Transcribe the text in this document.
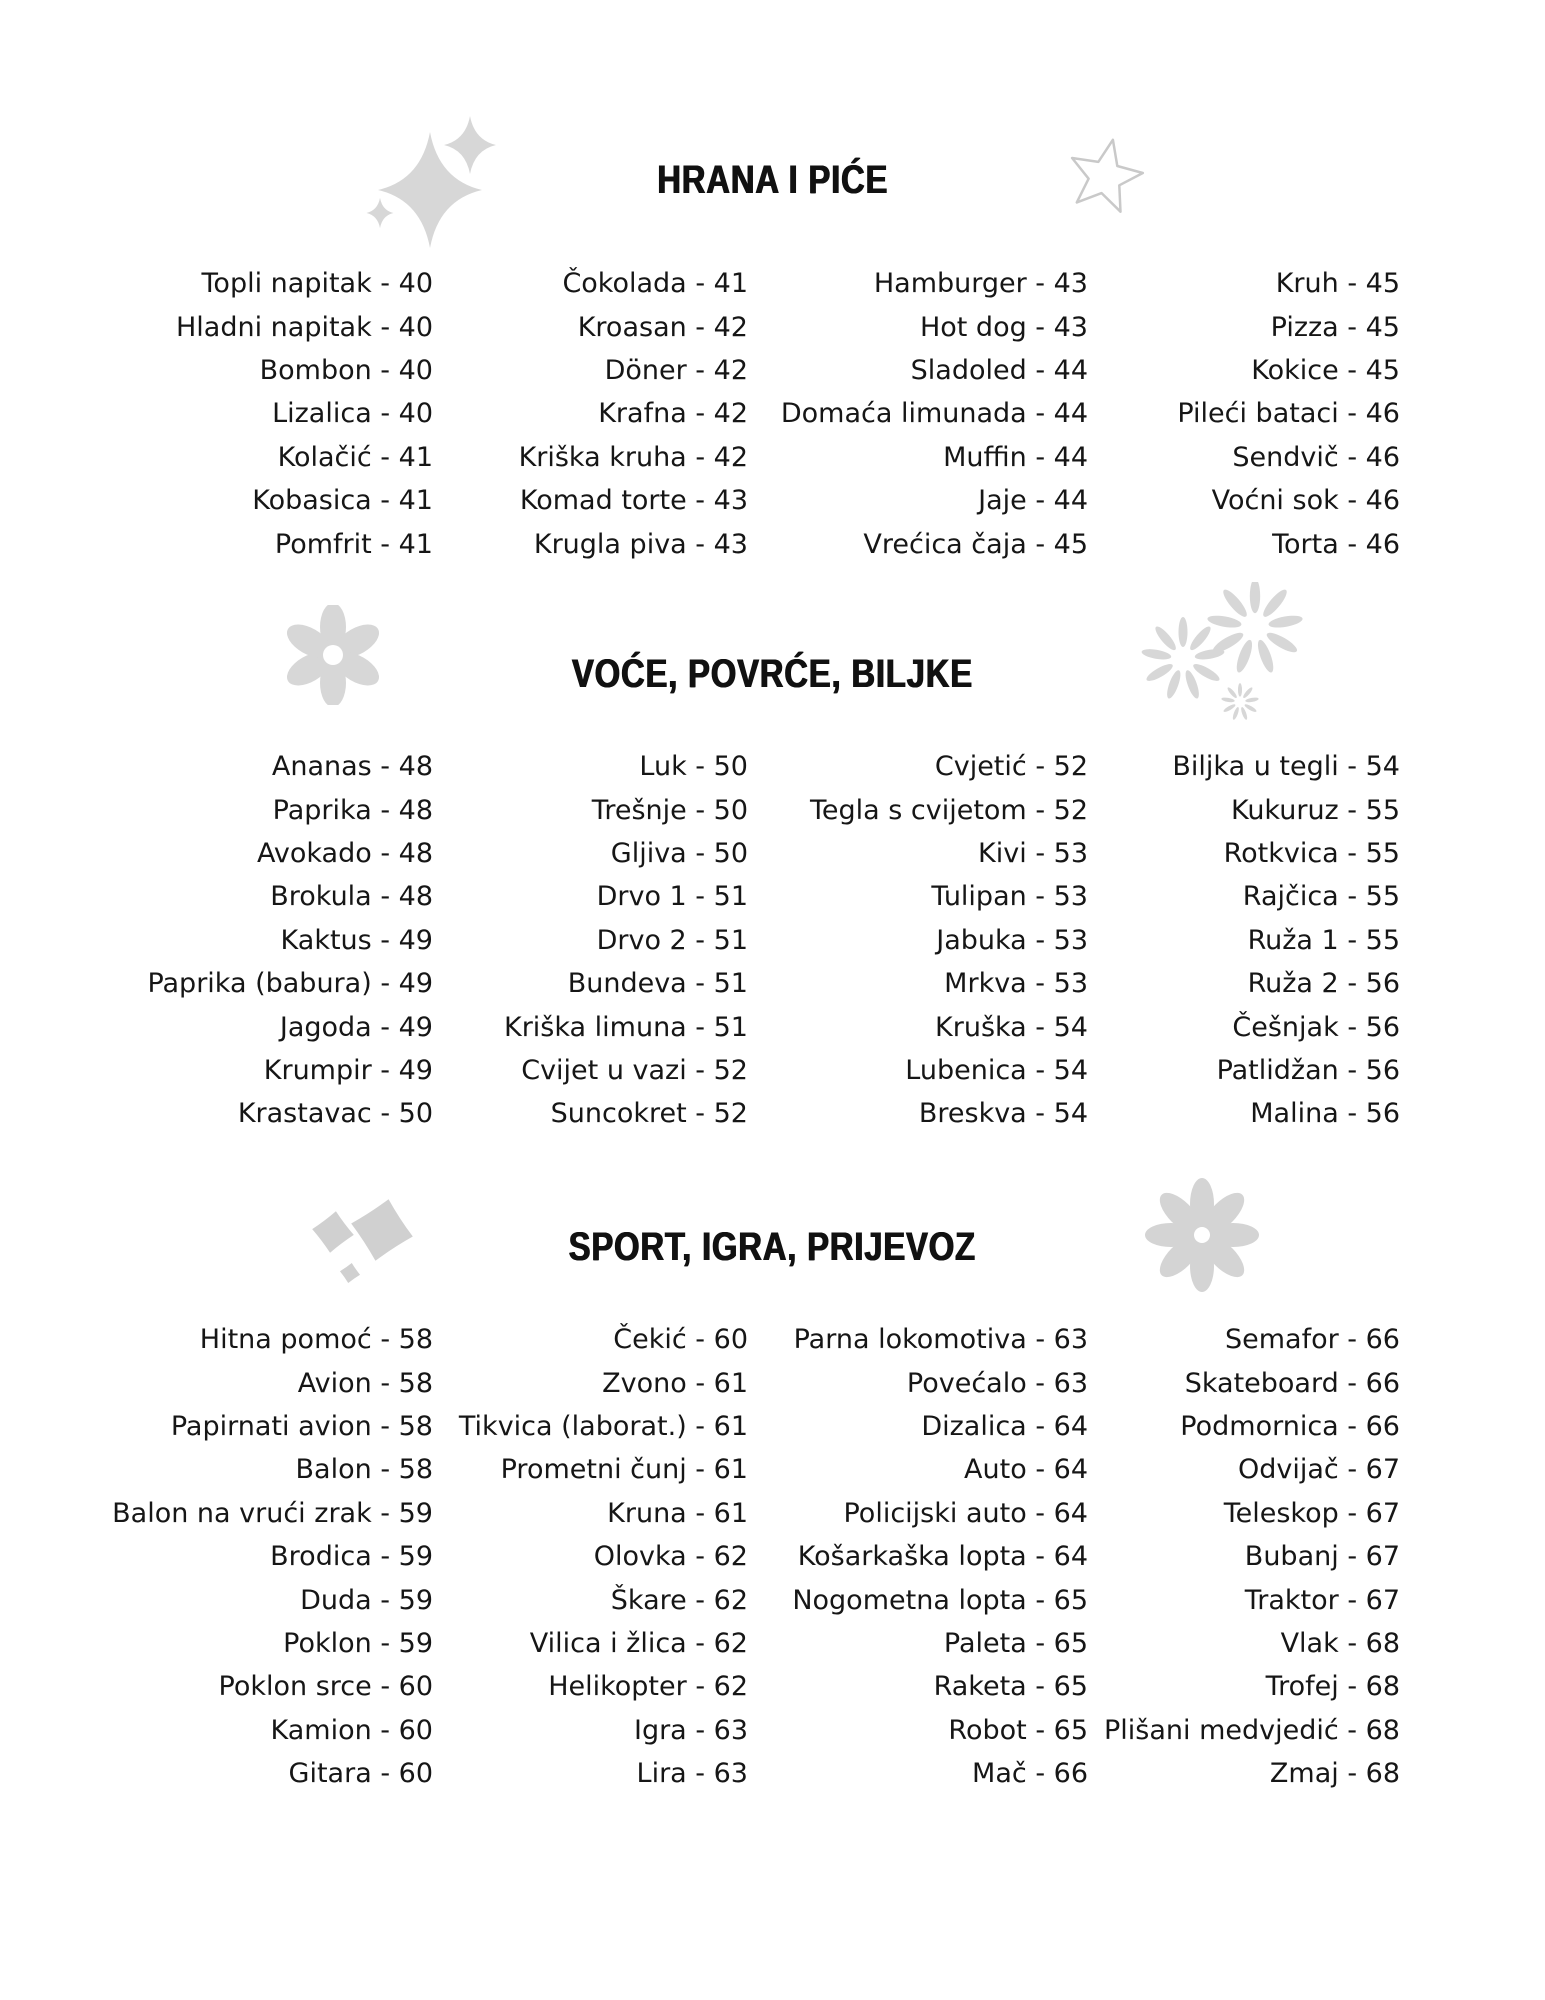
HRANA I PIĆE
Topli napitak - 40
Hladni napitak - 40
Bombon - 40
Lizalica - 40
Kolačić - 41
Kobasica - 41
Pomfrit - 41
Čokolada - 41
Kroasan - 42
Döner - 42
Krafna - 42
Kriška kruha - 42
Komad torte - 43
Krugla piva - 43
Hamburger - 43
Hot dog - 43
Sladoled - 44
Domaća limunada - 44
Muffin - 44
Jaje - 44
Vrećica čaja - 45
Kruh - 45
Pizza - 45
Kokice - 45
Pileći bataci - 46
Sendvič - 46
Voćni sok - 46
Torta - 46
VOĆE, POVRĆE, BILJKE
Ananas - 48
Paprika - 48
Avokado - 48
Brokula - 48
Kaktus - 49
Paprika (babura) - 49
Jagoda - 49
Krumpir - 49
Krastavac - 50
Luk - 50
Trešnje - 50
Gljiva - 50
Drvo 1 - 51
Drvo 2 - 51
Bundeva - 51
Kriška limuna - 51
Cvijet u vazi - 52
Suncokret - 52
Cvjetić - 52
Tegla s cvijetom - 52
Kivi - 53
Tulipan - 53
Jabuka - 53
Mrkva - 53
Kruška - 54
Lubenica - 54
Breskva - 54
Biljka u tegli - 54
Kukuruz - 55
Rotkvica - 55
Rajčica - 55
Ruža 1 - 55
Ruža 2 - 56
Češnjak - 56
Patlidžan - 56
Malina - 56
SPORT, IGRA, PRIJEVOZ
Hitna pomoć - 58
Avion - 58
Papirnati avion - 58
Balon - 58
Balon na vrući zrak - 59
Brodica - 59
Duda - 59
Poklon - 59
Poklon srce - 60
Kamion - 60
Gitara - 60
Čekić - 60
Zvono - 61
Tikvica (laborat.) - 61
Prometni čunj - 61
Kruna - 61
Olovka - 62
Škare - 62
Vilica i žlica - 62
Helikopter - 62
Igra - 63
Lira - 63
Parna lokomotiva - 63
Povećalo - 63
Dizalica - 64
Auto - 64
Policijski auto - 64
Košarkaška lopta - 64
Nogometna lopta - 65
Paleta - 65
Raketa - 65
Robot - 65
Mač - 66
Semafor - 66
Skateboard - 66
Podmornica - 66
Odvijač - 67
Teleskop - 67
Bubanj - 67
Traktor - 67
Vlak - 68
Trofej - 68
Plišani medvjedić - 68
Zmaj - 68
